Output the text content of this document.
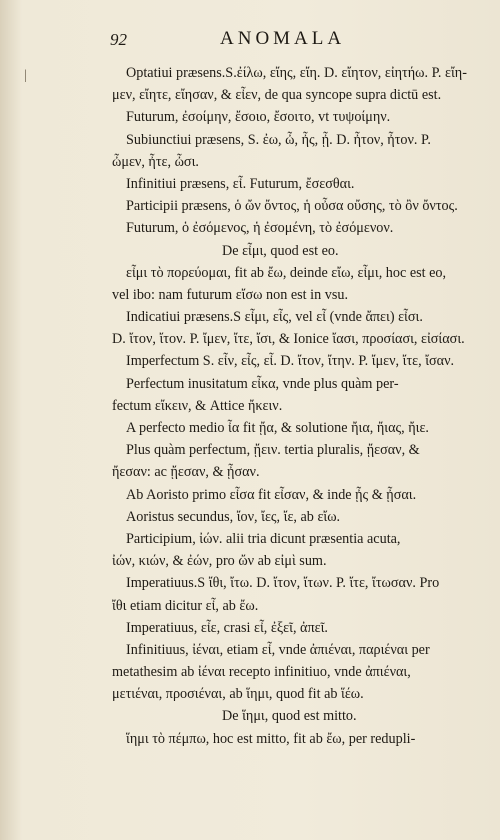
92	ANOMALA
|	Optatiui præsens.S.ἐίλω, εἴης, εἴη. D. εἴητον, εἰητήω. P. εἴη-
μεν, εἴητε, εἴησαν, & εἶεν, de qua syncope supra dictū est.
Futurum, ἐσοίμην, ἔσοιο, ἔσοιτο, vt τυψοίμην.
Subiunctiui præsens, S. ἐω, ὦ, ἦς, ᾖ. D. ἦτον, ἦτον. P.
ὦμεν, ἦτε, ὦσι.
Infinitiui præsens, εἶ. Futurum, ἔσεσθαι.
Participii præsens, ὁ ὤν ὄντος, ἡ οὖσα οὔσης, τὸ ὂν ὄντος.
Futurum, ὁ ἐσόμενος, ἡ ἐσομένη, τὸ ἐσόμενον.
De εἶμι, quod est eo.
εἶμι τὸ πορεύομαι, fit ab ἔω, deinde εἴω, εἶμι, hoc est eo,
vel ibo: nam futurum εἴσω non est in vsu.
Indicatiui præsens.S εἶμι, εἶς, vel εἶ (vnde ἄπει) εἶσι.
D. ἴτον, ἴτον. P. ἴμεν, ἴτε, ἴσι, & Ionice ἴασι, προσίασι, εἰσίασι.
Imperfectum S. εἶν, εἶς, εἶ. D. ἴτον, ἴτην. P. ἴμεν, ἴτε, ἴσαν.
Perfectum inusitatum εἶκα, vnde plus quàm per-
fectum εἴκειν, & Attice ἤκειν.
A perfecto medio ἶα fit ᾔα, & solutione ἤια, ἤιας, ἤιε.
Plus quàm perfectum, ᾔειν. tertia pluralis, ᾔεσαν, &
ἤεσαν: ac ᾔεσαν, & ᾖσαν.
Ab Aoristo primo εἶσα fit εἶσαν, & inde ᾖς & ᾖσαι.
Aoristus secundus, ἴον, ἴες, ἴε, ab εἴω.
Participium, ἰών. alii tria dicunt præsentia acuta,
ἰών, κιών, & ἐών, pro ὤν ab εἰμὶ sum.
Imperatiuus.S ἴθι, ἴτω. D. ἴτον, ἴτων. P. ἴτε, ἴτωσαν. Pro
ἴθι etiam dicitur εἶ, ab ἔω.
Imperatiuus, εἶε, crasi εἶ, ἐξεῖ, ἀπεῖ.
Infinitiuus, ἰέναι, etiam εἶ, vnde ἀπιέναι, παριέναι per
metathesim ab ἰέναι recepto infinitiuo, vnde ἀπιέναι,
μετιέναι, προσιέναι, ab ἵημι, quod fit ab ἵέω.
De ἵημι, quod est mitto.
ἵημι τὸ πέμπω, hoc est mitto, fit ab ἔω, per redupli-
